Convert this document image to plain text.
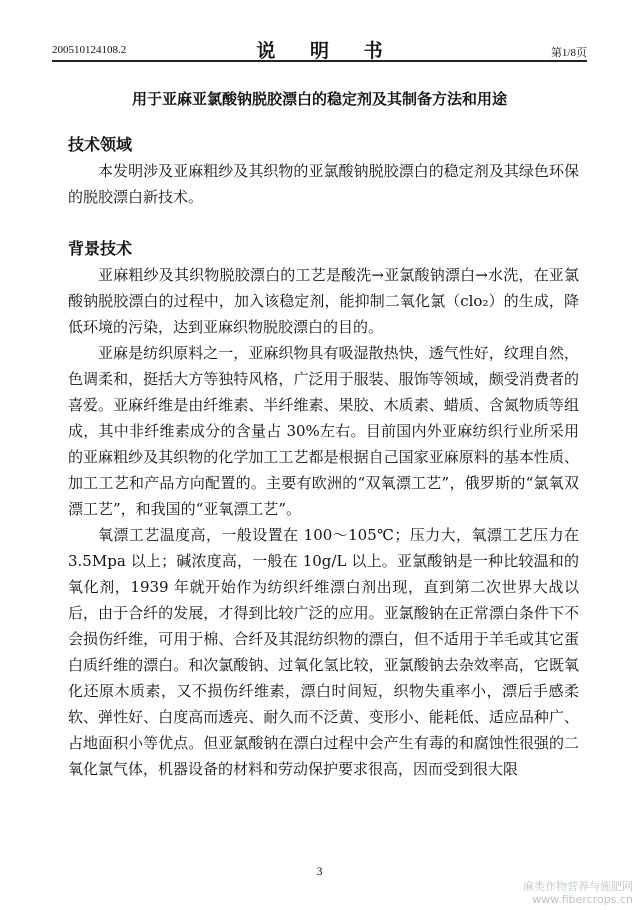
200510124108.2	说 明 书	第1/8页
用于亚麻亚氯酸钠脱胶漂白的稳定剂及其制备方法和用途
技术领域

本发明涉及亚麻粗纱及其织物的亚氯酸钠脱胶漂白的稳定剂及其绿色环保的脱胶漂白新技术。

背景技术

亚麻粗纱及其织物脱胶漂白的工艺是酸洗→亚氯酸钠漂白→水洗，在亚氯酸钠脱胶漂白的过程中，加入该稳定剂，能抑制二氧化氯（clo₂）的生成，降低环境的污染，达到亚麻织物脱胶漂白的目的。

亚麻是纺织原料之一，亚麻织物具有吸湿散热快，透气性好，纹理自然，色调柔和，挺括大方等独特风格，广泛用于服装、服饰等领域，颇受消费者的喜爱。亚麻纤维是由纤维素、半纤维素、果胶、木质素、蜡质、含氮物质等组成，其中非纤维素成分的含量占 30%左右。目前国内外亚麻纺织行业所采用的亚麻粗纱及其织物的化学加工工艺都是根据自己国家亚麻原料的基本性质、加工工艺和产品方向配置的。主要有欧洲的“双氧漂工艺”，俄罗斯的“氯氧双漂工艺”，和我国的“亚氧漂工艺”。

氧漂工艺温度高，一般设置在 100～105℃；压力大，氧漂工艺压力在3.5Mpa 以上；碱浓度高，一般在 10g/L 以上。亚氯酸钠是一种比较温和的氧化剂，1939 年就开始作为纺织纤维漂白剂出现，直到第二次世界大战以后，由于合纤的发展，才得到比较广泛的应用。亚氯酸钠在正常漂白条件下不会损伤纤维，可用于棉、合纤及其混纺织物的漂白，但不适用于羊毛或其它蛋白质纤维的漂白。和次氯酸钠、过氧化氢比较，亚氯酸钠去杂效率高，它既氧化还原木质素，又不损伤纤维素，漂白时间短，织物失重率小，漂后手感柔软、弹性好、白度高而透亮、耐久而不泛黄、变形小、能耗低、适应品种广、占地面积小等优点。但亚氯酸钠在漂白过程中会产生有毒的和腐蚀性很强的二氧化氯气体，机器设备的材料和劳动保护要求很高，因而受到很大限

3
麻类作物营养与施肥网
www.fibercrops.cn
